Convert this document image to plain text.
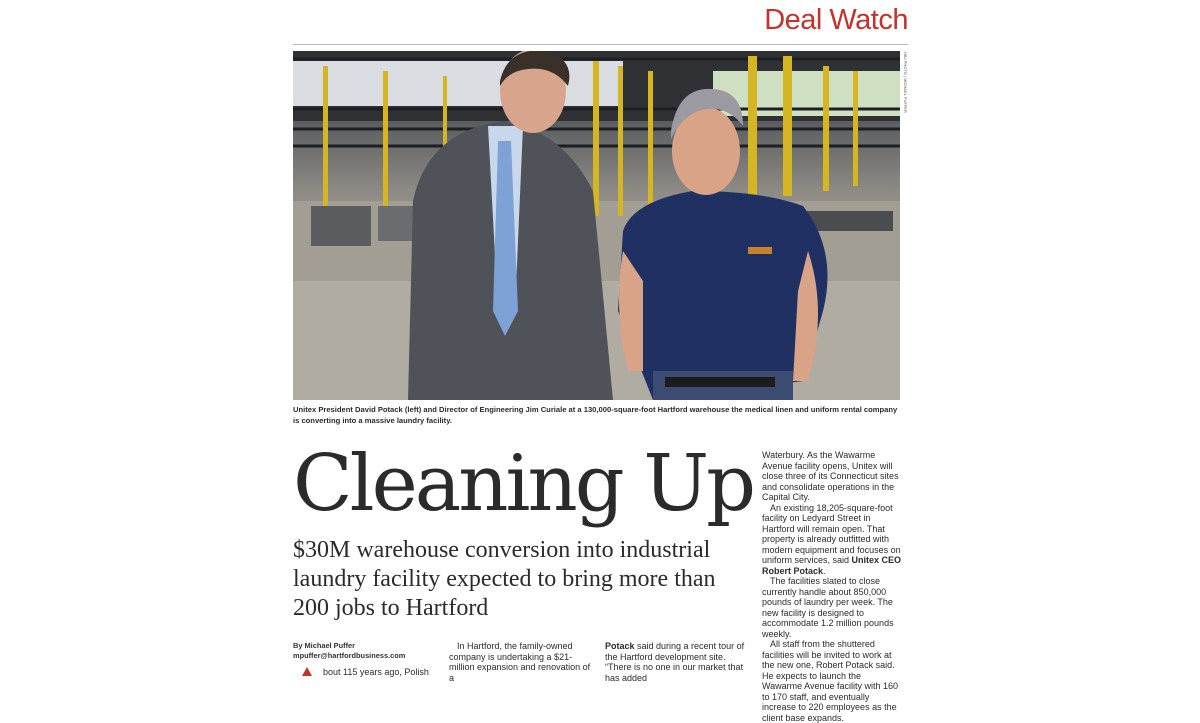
Deal Watch
HBJ PHOTO | MICHAEL PUFFER
Unitex President David Potack (left) and Director of Engineering Jim Curiale at a 130,000-square-foot Hartford warehouse the medical linen and uniform rental company is converting into a massive laundry facility.
Cleaning Up
$30M warehouse conversion into industrial laundry facility expected to bring more than 200 jobs to Hartford
By Michael Puffer
mpuffer@hartfordbusiness.com

bout 115 years ago, Polish

In Hartford, the family-owned company is undertaking a $21-million expansion and renovation of a

Potack said during a recent tour of the Hartford development site. “There is no one in our market that has added

Waterbury. As the Wawarme Avenue facility opens, Unitex will close three of its Connecticut sites and consolidate operations in the Capital City.

An existing 18,205-square-foot facility on Ledyard Street in Hartford will remain open. That property is already outfitted with modern equipment and focuses on uniform services, said Unitex CEO Robert Potack.

The facilities slated to close currently handle about 850,000 pounds of laundry per week. The new facility is designed to accommodate 1.2 million pounds weekly.

All staff from the shuttered facilities will be invited to work at the new one, Robert Potack said. He expects to launch the Wawarme Avenue facility with 160 to 170 staff, and eventually increase to 220 employees as the client base expands.
